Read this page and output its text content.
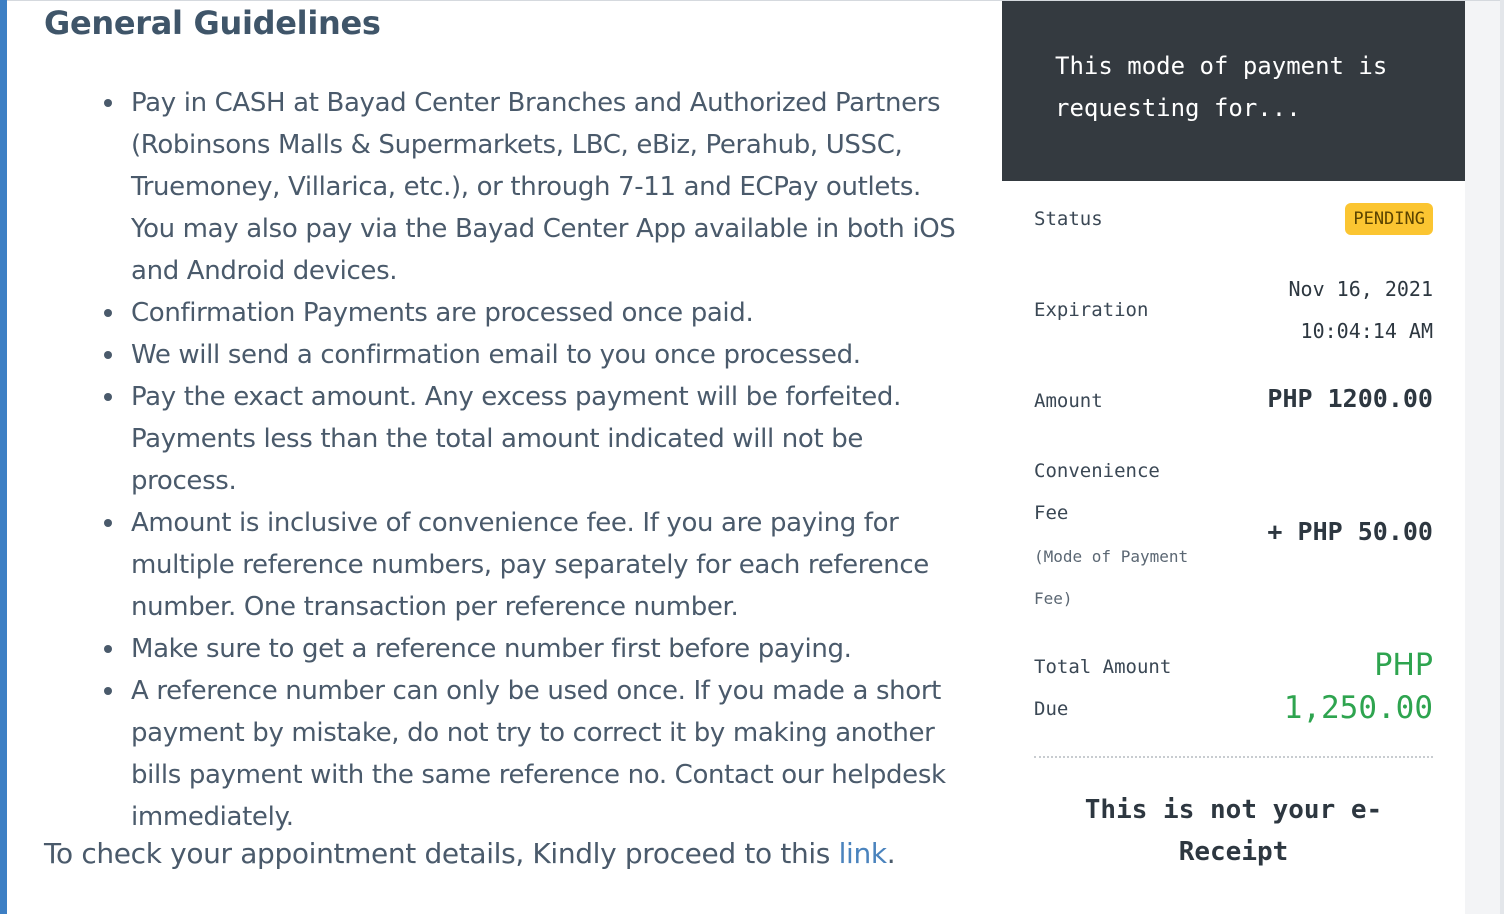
General Guidelines
Pay in CASH at Bayad Center Branches and Authorized Partners (Robinsons Malls & Supermarkets, LBC, eBiz, Perahub, USSC, Truemoney, Villarica, etc.), or through 7-11 and ECPay outlets. You may also pay via the Bayad Center App available in both iOS and Android devices.
Confirmation Payments are processed once paid.
We will send a confirmation email to you once processed.
Pay the exact amount. Any excess payment will be forfeited. Payments less than the total amount indicated will not be process.
Amount is inclusive of convenience fee. If you are paying for multiple reference numbers, pay separately for each reference number. One transaction per reference number.
Make sure to get a reference number first before paying.
A reference number can only be used once. If you made a short payment by mistake, do not try to correct it by making another bills payment with the same reference no. Contact our helpdesk immediately.

To check your appointment details, Kindly proceed to this link.

This mode of payment is requesting for...

Status	PENDING
Expiration
Nov 16, 2021
10:04:14 AM
Amount	PHP 1200.00
Convenience
Fee
(Mode of Payment
Fee)
+ PHP 50.00
Total Amount
Due
PHP
1,250.00

This is not your e-
Receipt
